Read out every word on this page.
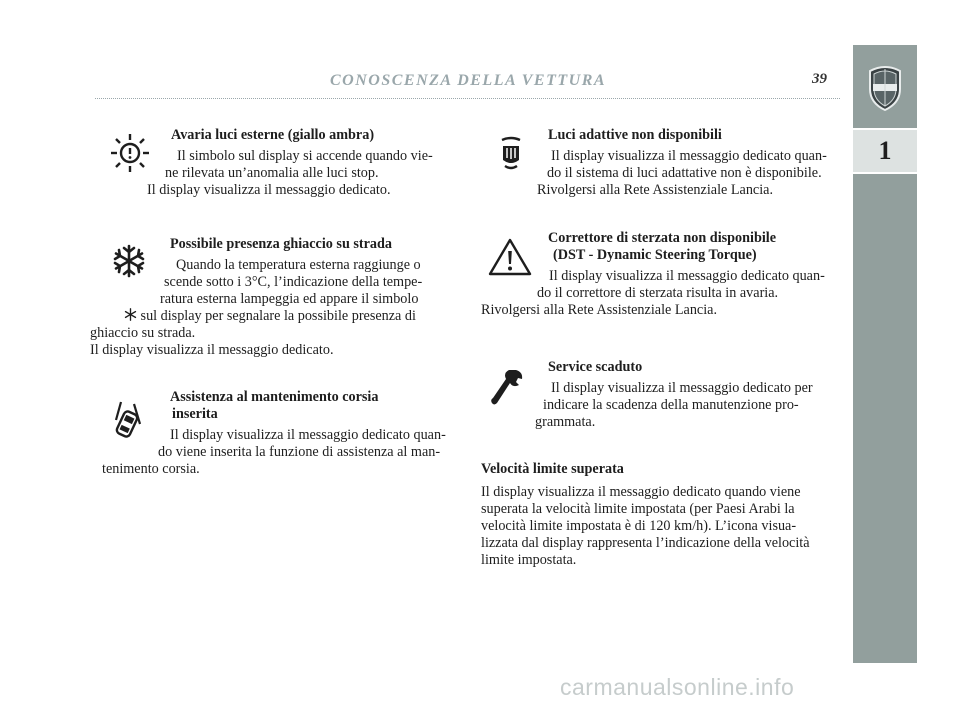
CONOSCENZA DELLA VETTURA	39
1
Avaria luci esterne (giallo ambra)

Il simbolo sul display si accende quando vie-

ne rilevata un’anomalia alle luci stop.

Il display visualizza il messaggio dedicato.

Possibile presenza ghiaccio su strada

Quando la temperatura esterna raggiunge o

scende sotto i 3°C, l’indicazione della tempe-

ratura esterna lampeggia ed appare il simbolo

sul display per segnalare la possibile presenza di

ghiaccio su strada.

Il display visualizza il messaggio dedicato.

Assistenza al mantenimento corsia
inserita

Il display visualizza il messaggio dedicato quan-

do viene inserita la funzione di assistenza al man-

tenimento corsia.

Luci adattive non disponibili

Il display visualizza il messaggio dedicato quan-

do il sistema di luci adattative non è disponibile.

Rivolgersi alla Rete Assistenziale Lancia.

Correttore di sterzata non disponibile
(DST - Dynamic Steering Torque)

Il display visualizza il messaggio dedicato quan-

do il correttore di sterzata risulta in avaria.

Rivolgersi alla Rete Assistenziale Lancia.

Service scaduto

Il display visualizza il messaggio dedicato per

indicare la scadenza della manutenzione pro-

grammata.

Velocità limite superata

Il display visualizza il messaggio dedicato quando viene

superata la velocità limite impostata (per Paesi Arabi la

velocità limite impostata è di 120 km/h). L’icona visua-

lizzata dal display rappresenta l’indicazione della velocità

limite impostata.

carmanualsonline.info
